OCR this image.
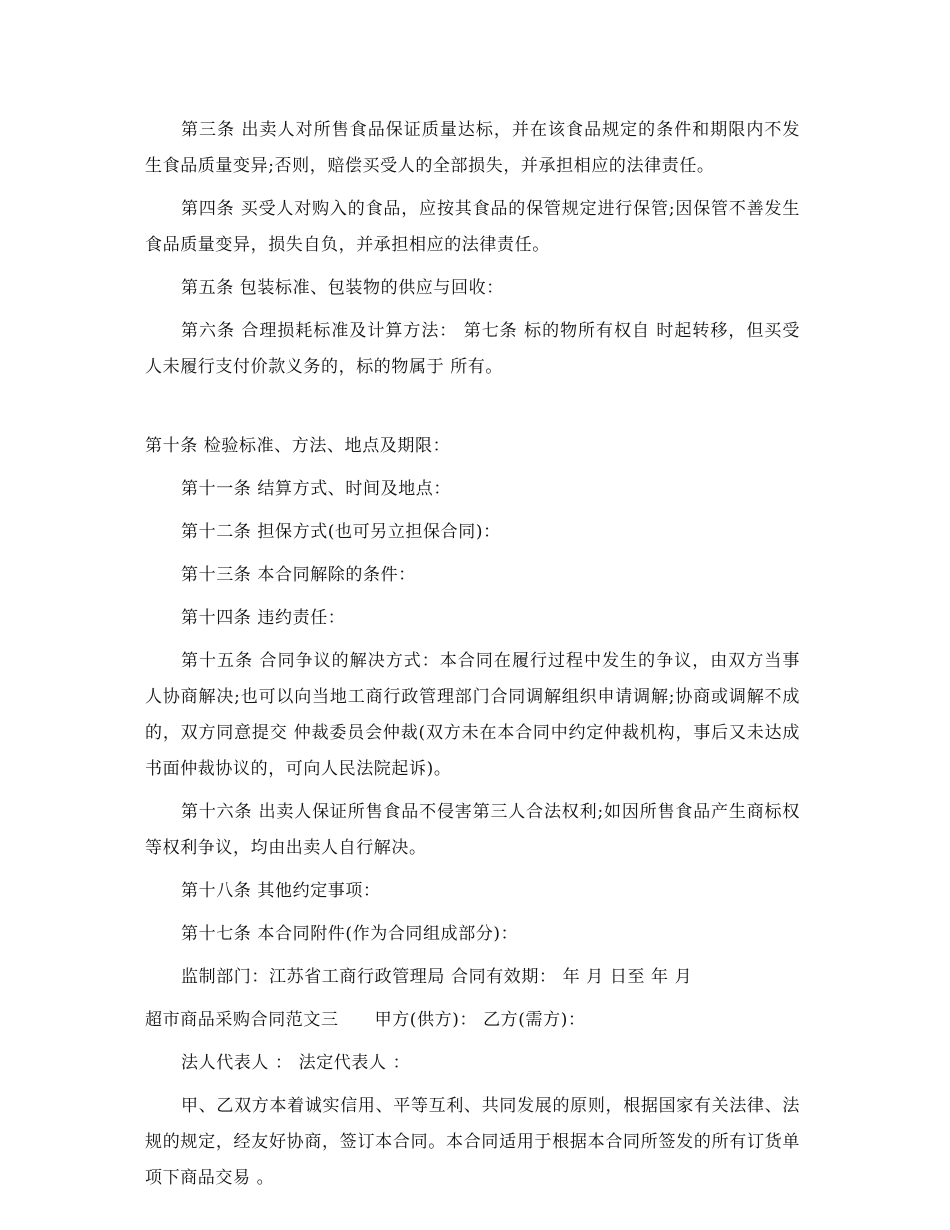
第三条 出卖人对所售食品保证质量达标，并在该食品规定的条件和期限内不发生食品质量变异;否则，赔偿买受人的全部损失，并承担相应的法律责任。

第四条 买受人对购入的食品，应按其食品的保管规定进行保管;因保管不善发生食品质量变异，损失自负，并承担相应的法律责任。

第五条 包装标准、包装物的供应与回收：

第六条 合理损耗标准及计算方法： 第七条 标的物所有权自 时起转移，但买受人未履行支付价款义务的，标的物属于 所有。

第十条 检验标准、方法、地点及期限：

第十一条 结算方式、时间及地点：

第十二条 担保方式(也可另立担保合同)：

第十三条 本合同解除的条件：

第十四条 违约责任：

第十五条 合同争议的解决方式：本合同在履行过程中发生的争议，由双方当事人协商解决;也可以向当地工商行政管理部门合同调解组织申请调解;协商或调解不成的，双方同意提交 仲裁委员会仲裁(双方未在本合同中约定仲裁机构，事后又未达成书面仲裁协议的，可向人民法院起诉)。

第十六条 出卖人保证所售食品不侵害第三人合法权利;如因所售食品产生商标权等权利争议，均由出卖人自行解决。

第十八条 其他约定事项：

第十七条 本合同附件(作为合同组成部分)：

监制部门：江苏省工商行政管理局 合同有效期： 年 月 日至 年 月

超市商品采购合同范文三 甲方(供方)： 乙方(需方)：

法人代表人 ： 法定代表人 ：

甲、乙双方本着诚实信用、平等互利、共同发展的原则，根据国家有关法律、法规的规定，经友好协商，签订本合同。本合同适用于根据本合同所签发的所有订货单项下商品交易 。
